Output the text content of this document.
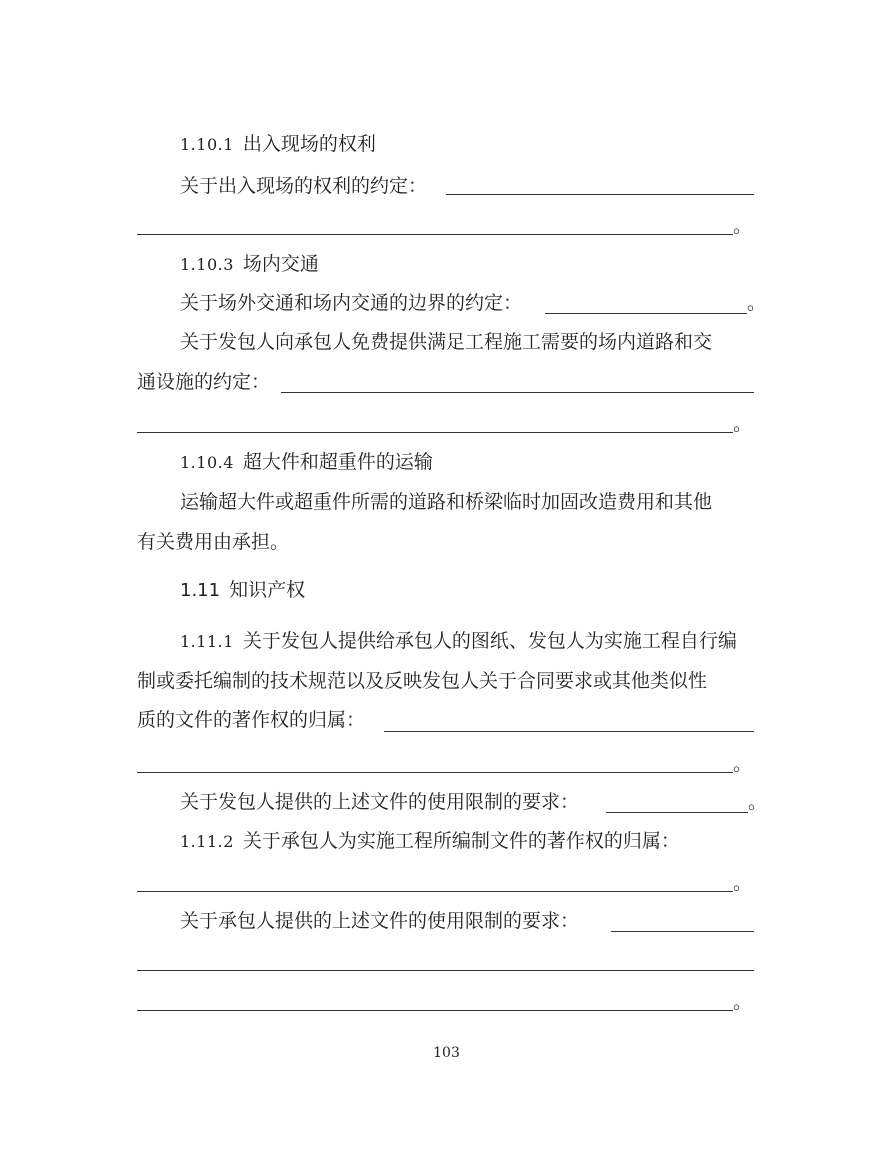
1.10.1 出入现场的权利
关于出入现场的权利的约定：
。
1.10.3 场内交通
关于场外交通和场内交通的边界的约定：	。
关于发包人向承包人免费提供满足工程施工需要的场内道路和交
通设施的约定：
。
1.10.4 超大件和超重件的运输
运输超大件或超重件所需的道路和桥梁临时加固改造费用和其他
有关费用由承担。
1.11 知识产权
1.11.1 关于发包人提供给承包人的图纸、发包人为实施工程自行编
制或委托编制的技术规范以及反映发包人关于合同要求或其他类似性
质的文件的著作权的归属：
。
关于发包人提供的上述文件的使用限制的要求：	。
1.11.2 关于承包人为实施工程所编制文件的著作权的归属：
。
关于承包人提供的上述文件的使用限制的要求：
。
103
